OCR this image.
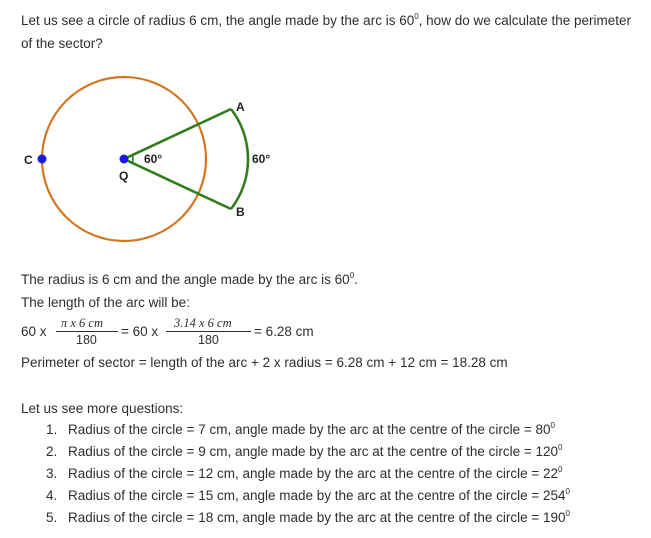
Let us see a circle of radius 6 cm, the angle made by the arc is $60^0$, how do we calculate the perimeter of the sector?

C
Q
A
B
60°	60°

The radius is 6 cm and the angle made by the arc is $60^0$.

The length of the arc will be:

60 x
π x 6 cm
180
= 60 x
3.14 x 6 cm
180
= 6.28 cm

Perimeter of sector = length of the arc + 2 x radius = 6.28 cm + 12 cm = 18.28 cm

Let us see more questions:

1. Radius of the circle = 7 cm, angle made by the arc at the centre of the circle = $80^0$
2. Radius of the circle = 9 cm, angle made by the arc at the centre of the circle = $120^0$
3. Radius of the circle = 12 cm, angle made by the arc at the centre of the circle = $22^0$
4. Radius of the circle = 15 cm, angle made by the arc at the centre of the circle = $254^0$
5. Radius of the circle = 18 cm, angle made by the arc at the centre of the circle = $190^0$
